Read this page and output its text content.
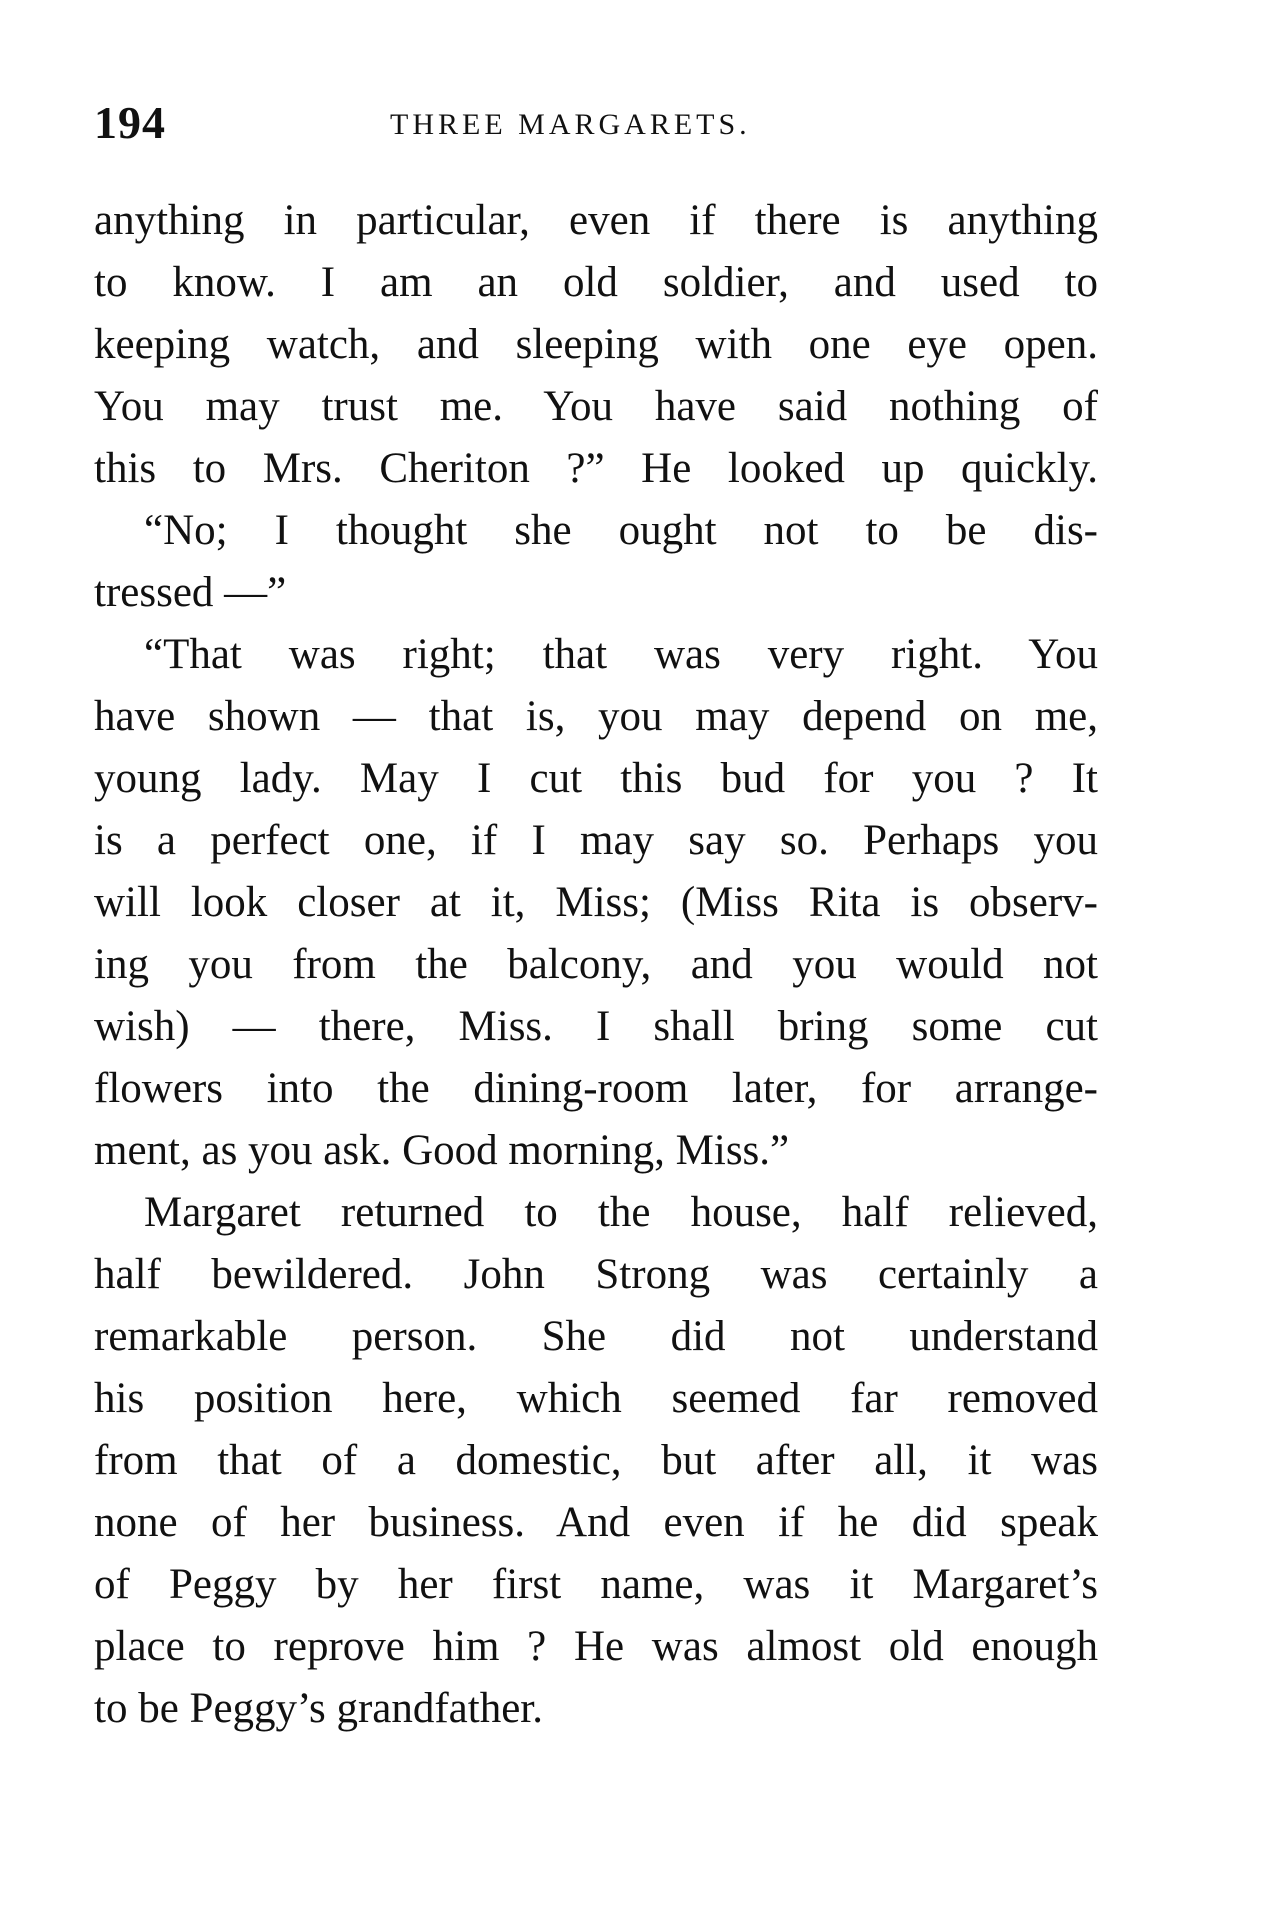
194	THREE MARGARETS.
anything in particular, even if there is anything
to know. I am an old soldier, and used to
keeping watch, and sleeping with one eye open.
You may trust me. You have said nothing of
this to Mrs. Cheriton ?” He looked up quickly.
“No; I thought she ought not to be dis-
tressed —”
“That was right; that was very right. You
have shown — that is, you may depend on me,
young lady. May I cut this bud for you ? It
is a perfect one, if I may say so. Perhaps you
will look closer at it, Miss; (Miss Rita is observ-
ing you from the balcony, and you would not
wish) — there, Miss. I shall bring some cut
flowers into the dining-room later, for arrange-
ment, as you ask. Good morning, Miss.”
Margaret returned to the house, half relieved,
half bewildered. John Strong was certainly a
remarkable person. She did not understand
his position here, which seemed far removed
from that of a domestic, but after all, it was
none of her business. And even if he did speak
of Peggy by her first name, was it Margaret’s
place to reprove him ? He was almost old enough
to be Peggy’s grandfather.
